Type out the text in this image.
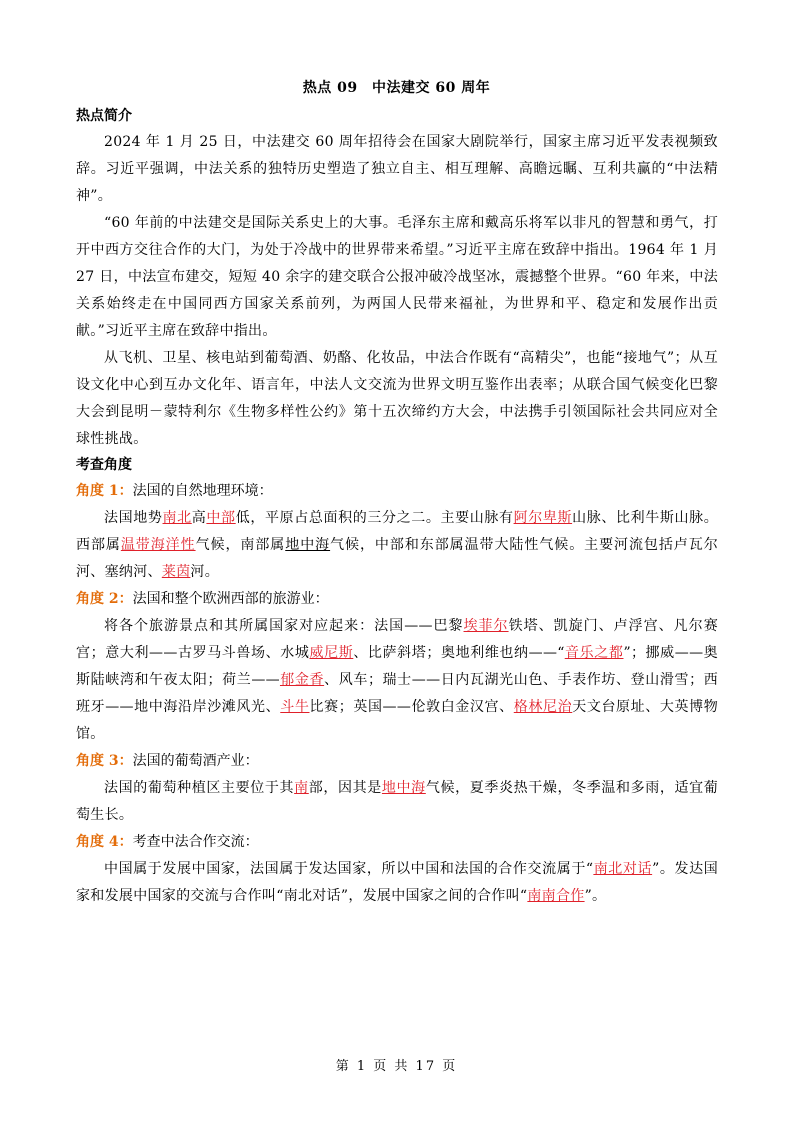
热点 09　中法建交 60 周年

热点简介

2024 年 1 月 25 日，中法建交 60 周年招待会在国家大剧院举行，国家主席习近平发表视频致辞。习近平强调，中法关系的独特历史塑造了独立自主、相互理解、高瞻远瞩、互利共赢的“中法精神”。

“60 年前的中法建交是国际关系史上的大事。毛泽东主席和戴高乐将军以非凡的智慧和勇气，打开中西方交往合作的大门，为处于冷战中的世界带来希望。”习近平主席在致辞中指出。1964 年 1 月 27 日，中法宣布建交，短短 40 余字的建交联合公报冲破冷战坚冰，震撼整个世界。“60 年来，中法关系始终走在中国同西方国家关系前列，为两国人民带来福祉，为世界和平、稳定和发展作出贡献。”习近平主席在致辞中指出。

从飞机、卫星、核电站到葡萄酒、奶酪、化妆品，中法合作既有“高精尖”，也能“接地气”；从互设文化中心到互办文化年、语言年，中法人文交流为世界文明互鉴作出表率；从联合国气候变化巴黎大会到昆明－蒙特利尔《生物多样性公约》第十五次缔约方大会，中法携手引领国际社会共同应对全球性挑战。

考查角度

角度 1：法国的自然地理环境：

法国地势南北高中部低，平原占总面积的三分之二。主要山脉有阿尔卑斯山脉、比利牛斯山脉。西部属温带海洋性气候，南部属地中海气候，中部和东部属温带大陆性气候。主要河流包括卢瓦尔河、塞纳河、莱茵河。

角度 2：法国和整个欧洲西部的旅游业：

将各个旅游景点和其所属国家对应起来：法国——巴黎埃菲尔铁塔、凯旋门、卢浮宫、凡尔赛宫；意大利——古罗马斗兽场、水城威尼斯、比萨斜塔；奥地利维也纳——“音乐之都”；挪威——奥斯陆峡湾和午夜太阳；荷兰——郁金香、风车；瑞士——日内瓦湖光山色、手表作坊、登山滑雪；西班牙——地中海沿岸沙滩风光、斗牛比赛；英国——伦敦白金汉宫、格林尼治天文台原址、大英博物馆。

角度 3：法国的葡萄酒产业：

法国的葡萄种植区主要位于其南部，因其是地中海气候，夏季炎热干燥，冬季温和多雨，适宜葡萄生长。

角度 4：考查中法合作交流：

中国属于发展中国家，法国属于发达国家，所以中国和法国的合作交流属于“南北对话”。发达国家和发展中国家的交流与合作叫“南北对话”，发展中国家之间的合作叫“南南合作”。

第 1 页 共 17 页
